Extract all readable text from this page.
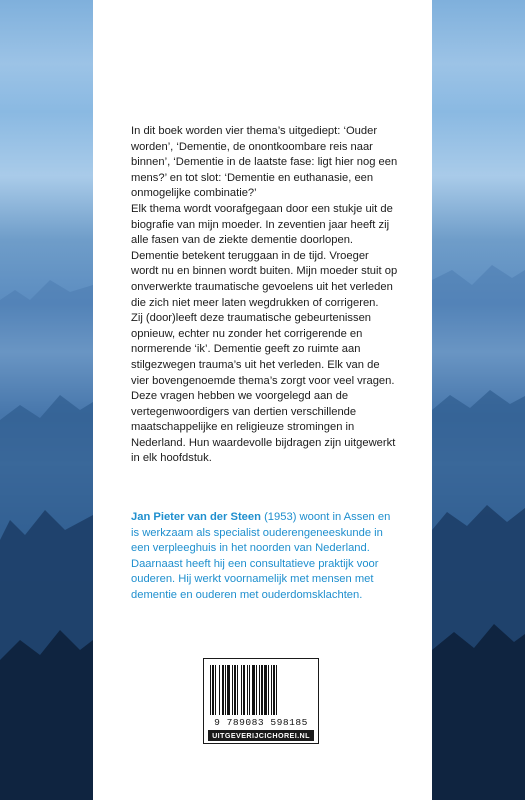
In dit boek worden vier thema’s uitgediept: ‘Ouder worden’, ‘Dementie, de onontkoombare reis naar binnen’, ‘Dementie in de laatste fase: ligt hier nog een mens?’ en tot slot: ‘Dementie en euthanasie, een onmogelijke combinatie?’

Elk thema wordt voorafgegaan door een stukje uit de biografie van mijn moeder. In zeventien jaar heeft zij alle fasen van de ziekte dementie doorlopen. Dementie betekent teruggaan in de tijd. Vroeger wordt nu en binnen wordt buiten. Mijn moeder stuit op onverwerkte traumatische gevoelens uit het verleden die zich niet meer laten wegdrukken of corrigeren.

Zij (door)leeft deze traumatische gebeurtenissen opnieuw, echter nu zonder het corrigerende en normerende ‘ik’. Dementie geeft zo ruimte aan stilgezwegen trauma’s uit het verleden. Elk van de vier bovengenoemde thema’s zorgt voor veel vragen. Deze vragen hebben we voorgelegd aan de vertegenwoordigers van dertien verschillende maatschappelijke en religieuze stromingen in Nederland. Hun waardevolle bijdragen zijn uitgewerkt in elk hoofdstuk.

Jan Pieter van der Steen (1953) woont in Assen en is werkzaam als specialist ouderengeneeskunde in een verpleeghuis in het noorden van Nederland. Daarnaast heeft hij een consultatieve praktijk voor ouderen. Hij werkt voornamelijk met mensen met dementie en ouderen met ouderdomsklachten.
9 789083 598185
UITGEVERIJCICHOREI.NL
